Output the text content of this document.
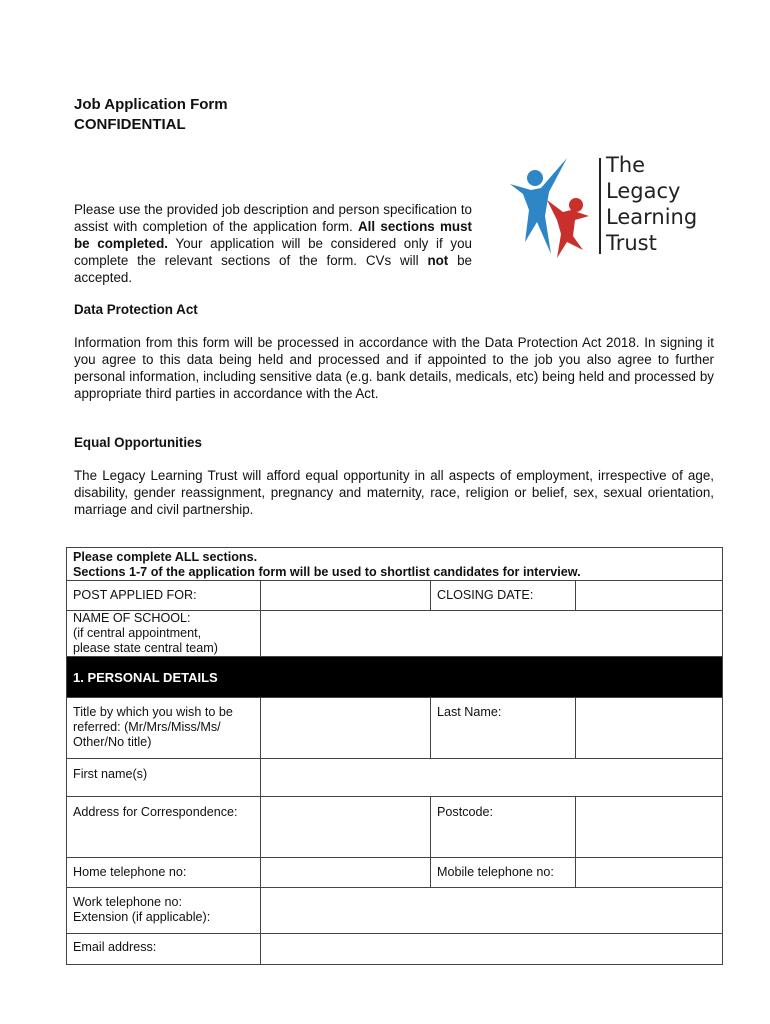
Job Application Form
CONFIDENTIAL
The
Legacy
Learning
Trust
Please use the provided job description and person specification to assist with completion of the application form. All sections must be completed. Your application will be considered only if you complete the relevant sections of the form. CVs will not be accepted.
Data Protection Act
Information from this form will be processed in accordance with the Data Protection Act 2018. In signing it you agree to this data being held and processed and if appointed to the job you also agree to further personal information, including sensitive data (e.g. bank details, medicals, etc) being held and processed by appropriate third parties in accordance with the Act.
Equal Opportunities
The Legacy Learning Trust will afford equal opportunity in all aspects of employment, irrespective of age, disability, gender reassignment, pregnancy and maternity, race, religion or belief, sex, sexual orientation, marriage and civil partnership.
Please complete ALL sections.
Sections 1-7 of the application form will be used to shortlist candidates for interview.			

POST APPLIED FOR:		CLOSING DATE:	

NAME OF SCHOOL:
(if central appointment,
please state central team)			

1. PERSONAL DETAILS			

Title by which you wish to be
referred: (Mr/Mrs/Miss/Ms/
Other/No title)		Last Name:	
First name(s)			
Address for Correspondence:		Postcode:	
Home telephone no:		Mobile telephone no:	

Work telephone no:
Extension (if applicable):			

Email address:			
